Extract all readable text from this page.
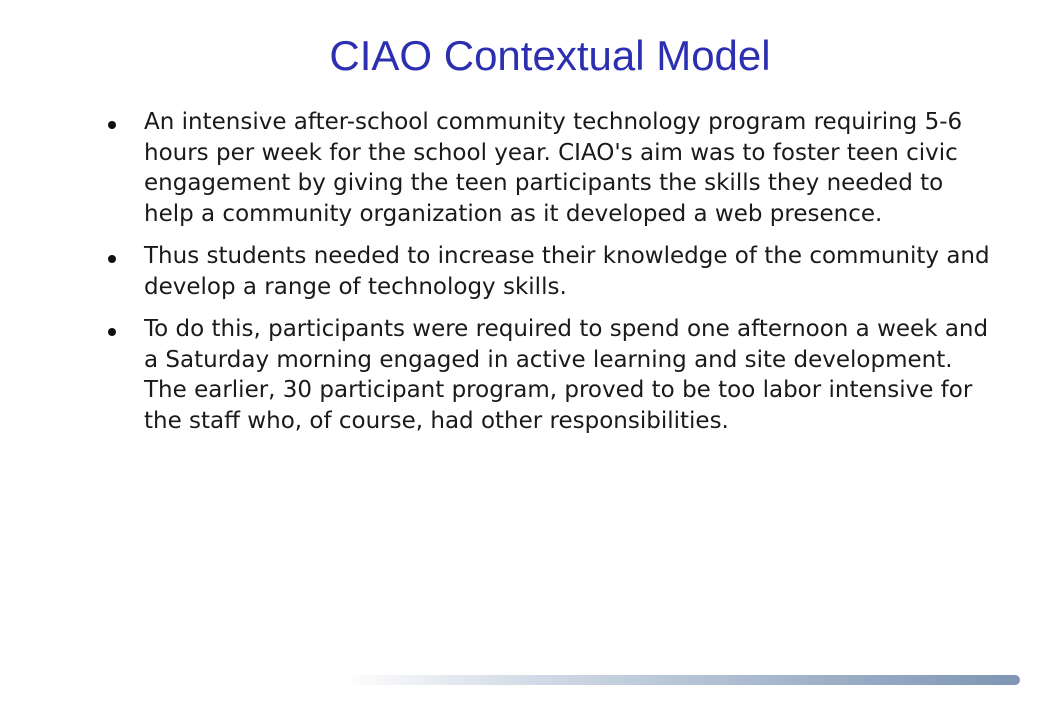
CIAO Contextual Model
An intensive after-school community technology program requiring 5-6 hours per week for the school year. CIAO's aim was to foster teen civic engagement by giving the teen participants the skills they needed to help a community organization as it developed a web presence.
Thus students needed to increase their knowledge of the community and develop a range of technology skills.
To do this, participants were required to spend one afternoon a week and a Saturday morning engaged in active learning and site development. The earlier, 30 participant program, proved to be too labor intensive for the staff who, of course, had other responsibilities.
